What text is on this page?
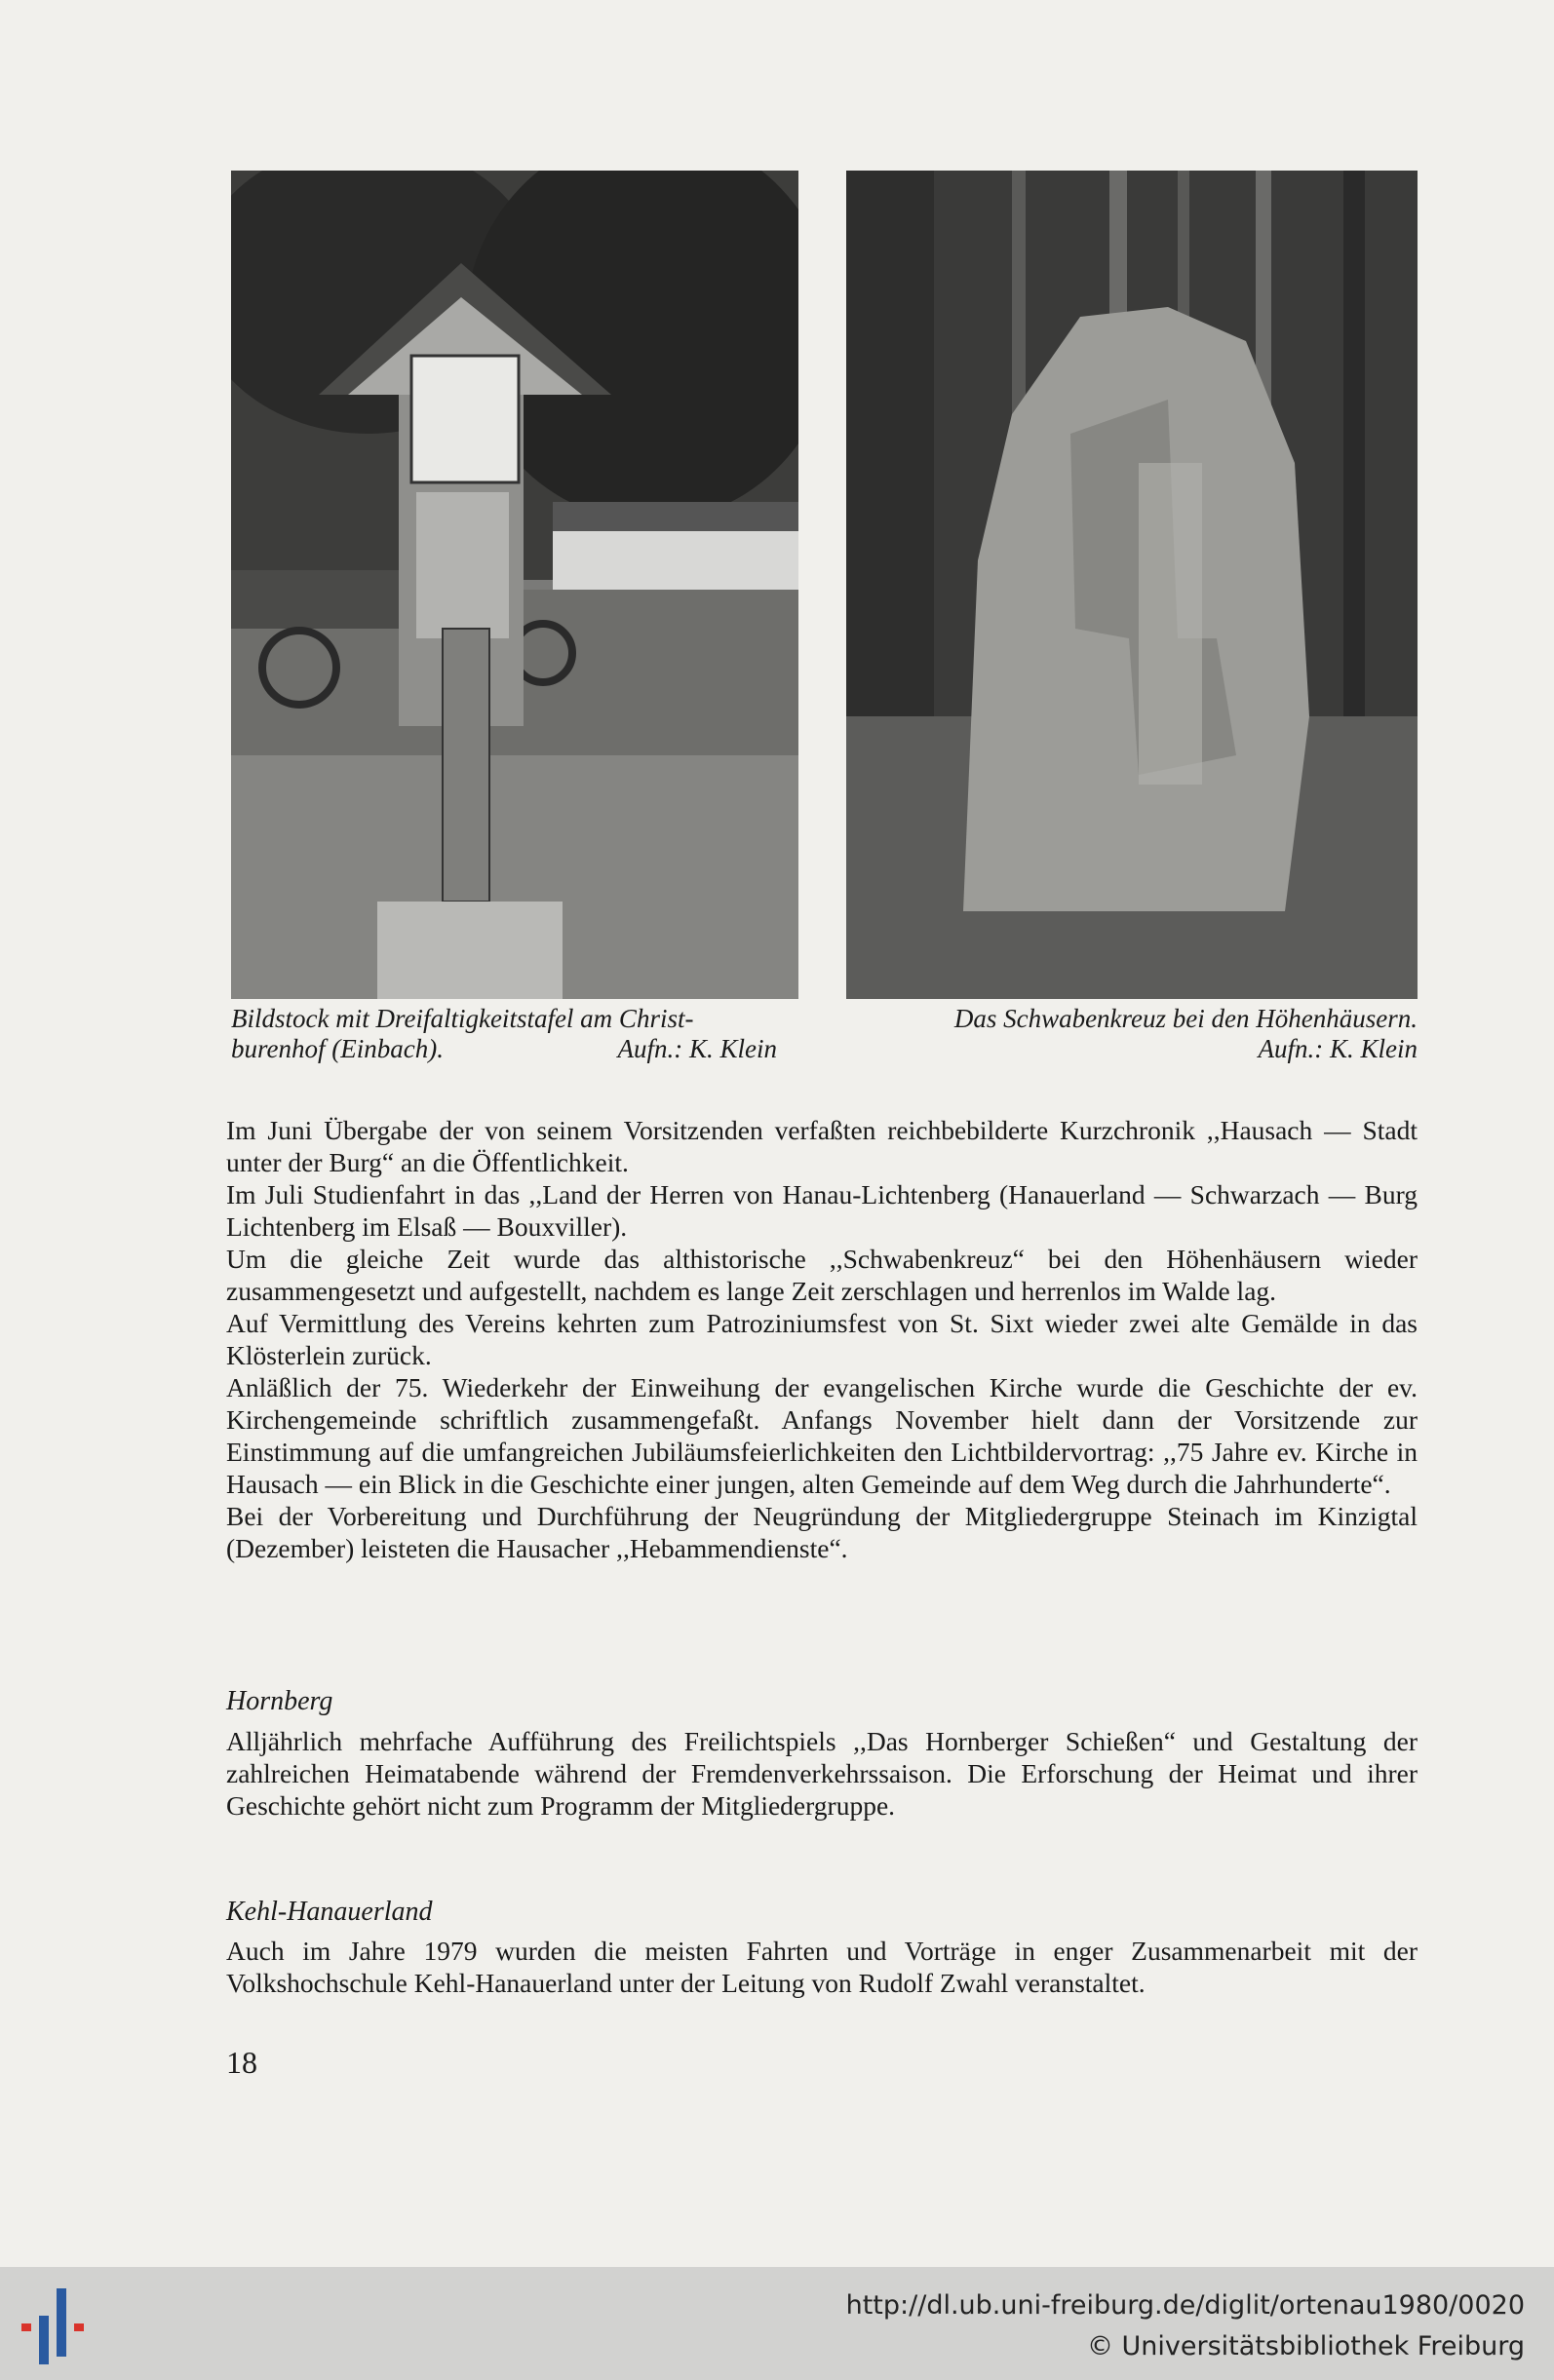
Bildstock mit Dreifaltigkeitstafel am Christ-
burenhof (Einbach).	Aufn.: K. Klein
Das Schwabenkreuz bei den Höhenhäusern.
Aufn.: K. Klein

Im Juni Übergabe der von seinem Vorsitzenden verfaßten reichbebilderte Kurzchronik ,,Hausach — Stadt unter der Burg“ an die Öffentlichkeit.

Im Juli Studienfahrt in das ,,Land der Herren von Hanau-Lichtenberg (Hanauerland — Schwarzach — Burg Lichtenberg im Elsaß — Bouxviller).

Um die gleiche Zeit wurde das althistorische ,,Schwabenkreuz“ bei den Höhenhäusern wieder zusammengesetzt und aufgestellt, nachdem es lange Zeit zerschlagen und herrenlos im Walde lag.

Auf Vermittlung des Vereins kehrten zum Patroziniumsfest von St. Sixt wieder zwei alte Gemälde in das Klösterlein zurück.

Anläßlich der 75. Wiederkehr der Einweihung der evangelischen Kirche wurde die Geschichte der ev. Kirchengemeinde schriftlich zusammengefaßt. Anfangs November hielt dann der Vorsitzende zur Einstimmung auf die umfangreichen Jubiläumsfeierlichkeiten den Lichtbildervortrag: ,,75 Jahre ev. Kirche in Hausach — ein Blick in die Geschichte einer jungen, alten Gemeinde auf dem Weg durch die Jahrhunderte“.

Bei der Vorbereitung und Durchführung der Neugründung der Mitgliedergruppe Steinach im Kinzigtal (Dezember) leisteten die Hausacher ,,Hebammendienste“.

Hornberg

Alljährlich mehrfache Aufführung des Freilichtspiels ,,Das Hornberger Schießen“ und Gestaltung der zahlreichen Heimatabende während der Fremdenverkehrssaison. Die Erforschung der Heimat und ihrer Geschichte gehört nicht zum Programm der Mitgliedergruppe.

Kehl-Hanauerland

Auch im Jahre 1979 wurden die meisten Fahrten und Vorträge in enger Zusammenarbeit mit der Volkshochschule Kehl-Hanauerland unter der Leitung von Rudolf Zwahl veranstaltet.

18
http://dl.ub.uni-freiburg.de/diglit/ortenau1980/0020
© Universitätsbibliothek Freiburg
